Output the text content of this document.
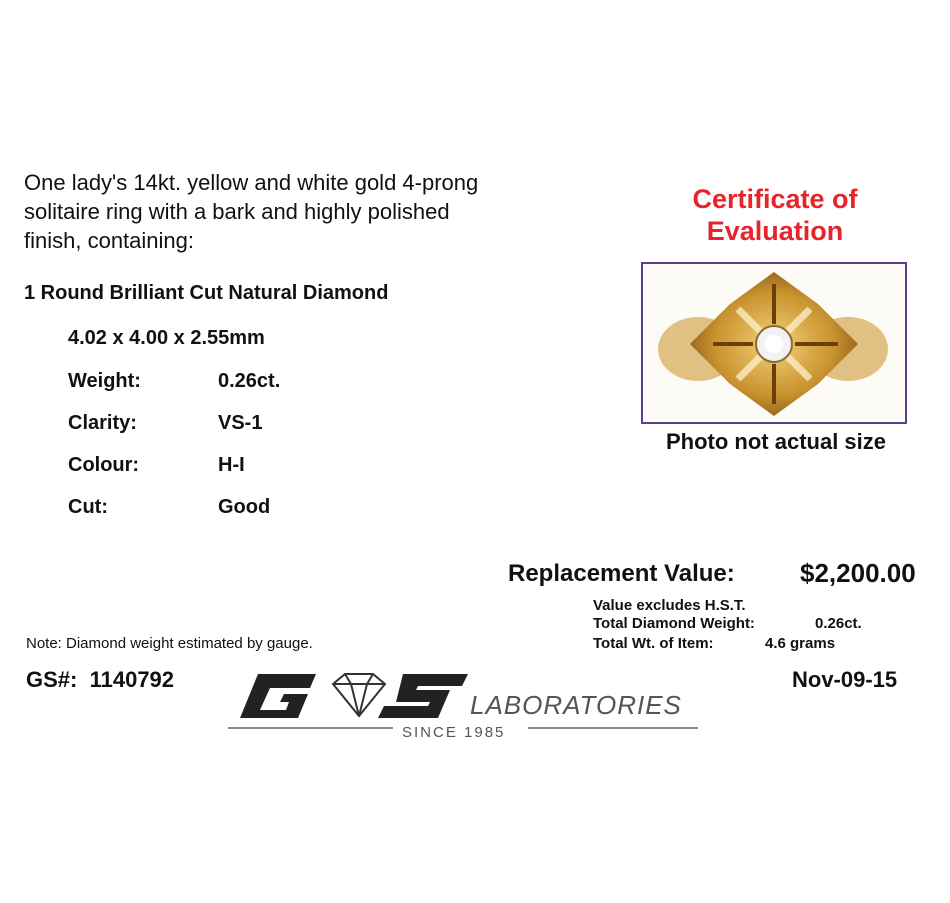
One lady's 14kt. yellow and white gold 4-prong
solitaire ring with a bark and highly polished
finish, containing:
1 Round Brilliant Cut Natural Diamond
4.02 x 4.00 x 2.55mm
Weight:	0.26ct.
Clarity:	VS-1
Colour:	H-I
Cut:	Good
Certificate of
Evaluation
Photo not actual size
Replacement Value:	$2,200.00
Value excludes H.S.T.
Total Diamond Weight:	0.26ct.
Total Wt. of Item:	4.6 grams
Note: Diamond weight estimated by gauge.
GS#: 1140792	Nov-09-15
LABORATORIES
SINCE 1985
